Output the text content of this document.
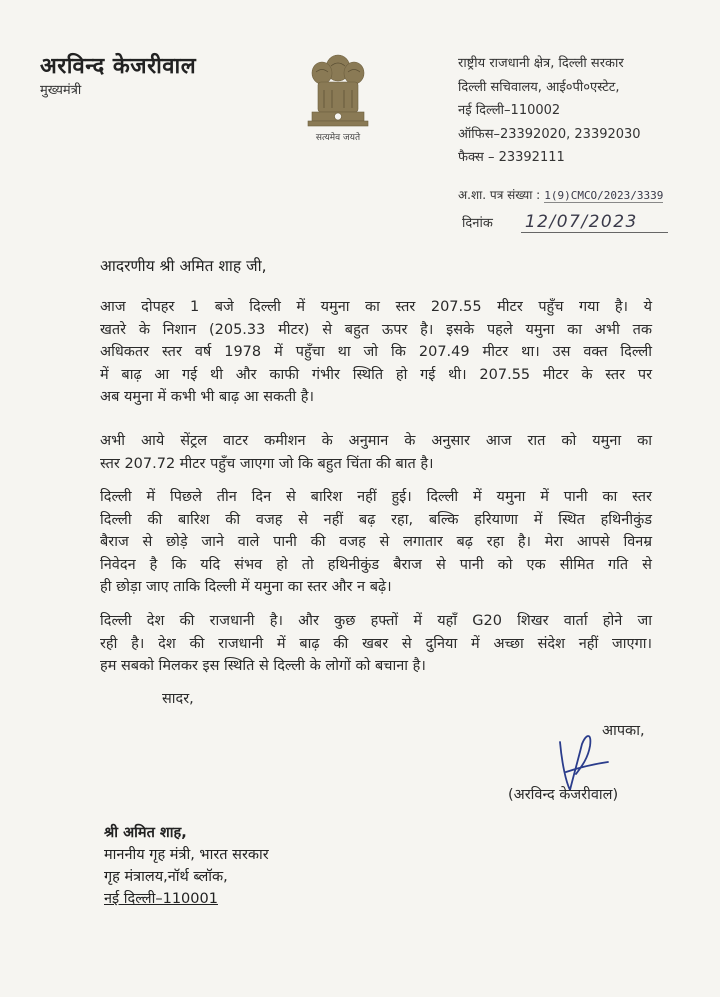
अरविन्द केजरीवाल
मुख्यमंत्री
सत्यमेव जयते
राष्ट्रीय राजधानी क्षेत्र, दिल्ली सरकार
दिल्ली सचिवालय, आई०पी०एस्टेट,
नई दिल्ली–110002
ऑफिस–23392020, 23392030
फैक्स – 23392111
अ.शा. पत्र संख्या : 1(9)CMCO/2023/3339
दिनांक 12/07/2023
आदरणीय श्री अमित शाह जी,
आज दोपहर 1 बजे दिल्ली में यमुना का स्तर 207.55 मीटर पहुँच गया है। ये
खतरे के निशान (205.33 मीटर) से बहुत ऊपर है। इसके पहले यमुना का अभी तक
अधिकतर स्तर वर्ष 1978 में पहुँचा था जो कि 207.49 मीटर था। उस वक्त दिल्ली
में बाढ़ आ गई थी और काफी गंभीर स्थिति हो गई थी। 207.55 मीटर के स्तर पर
अब यमुना में कभी भी बाढ़ आ सकती है।
अभी आये सेंट्रल वाटर कमीशन के अनुमान के अनुसार आज रात को यमुना का
स्तर 207.72 मीटर पहुँच जाएगा जो कि बहुत चिंता की बात है।
दिल्ली में पिछले तीन दिन से बारिश नहीं हुई। दिल्ली में यमुना में पानी का स्तर
दिल्ली की बारिश की वजह से नहीं बढ़ रहा, बल्कि हरियाणा में स्थित हथिनीकुंड
बैराज से छोड़े जाने वाले पानी की वजह से लगातार बढ़ रहा है। मेरा आपसे विनम्र
निवेदन है कि यदि संभव हो तो हथिनीकुंड बैराज से पानी को एक सीमित गति से
ही छोड़ा जाए ताकि दिल्ली में यमुना का स्तर और न बढ़े।
दिल्ली देश की राजधानी है। और कुछ हफ्तों में यहाँ G20 शिखर वार्ता होने जा
रही है। देश की राजधानी में बाढ़ की खबर से दुनिया में अच्छा संदेश नहीं जाएगा।
हम सबको मिलकर इस स्थिति से दिल्ली के लोगों को बचाना है।
सादर,
आपका,
(अरविन्द केजरीवाल)
श्री अमित शाह,
माननीय गृह मंत्री, भारत सरकार
गृह मंत्रालय,नॉर्थ ब्लॉक,
नई दिल्ली–110001
